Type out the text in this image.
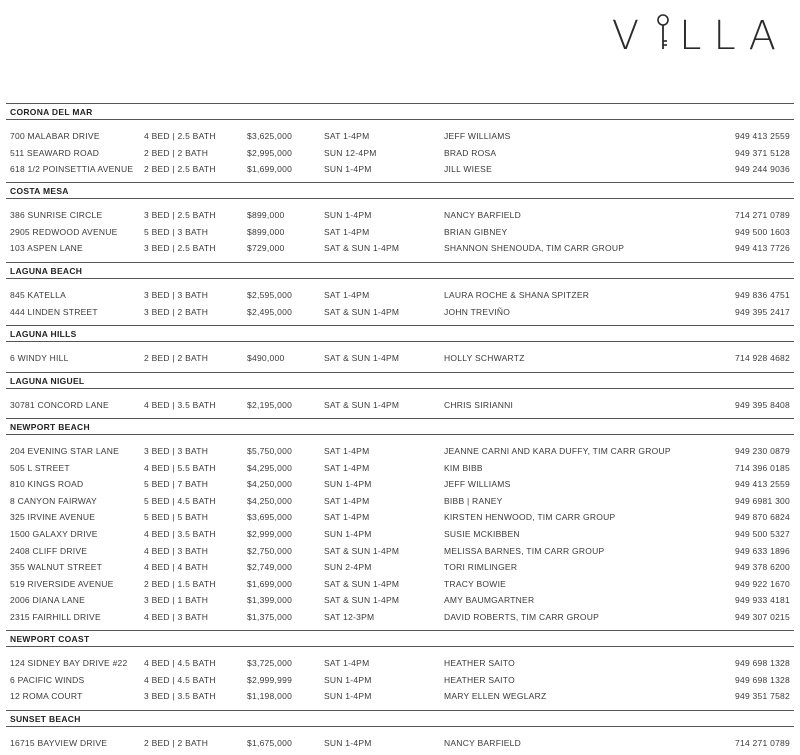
V LLA
CORONA DEL MAR
700 MALABAR DRIVE	4 BED | 2.5 BATH	$3,625,000	SAT 1-4PM	JEFF WILLIAMS	949 413 2559
511 SEAWARD ROAD	2 BED | 2 BATH	$2,995,000	SUN 12-4PM	BRAD ROSA	949 371 5128
618 1/2 POINSETTIA AVENUE 2 BED | 2.5 BATH	$1,699,000	SUN 1-4PM	JILL WIESE	949 244 9036
COSTA MESA
386 SUNRISE CIRCLE	3 BED | 2.5 BATH	$899,000	SUN 1-4PM	NANCY BARFIELD	714 271 0789
2905 REDWOOD AVENUE	5 BED | 3 BATH	$899,000	SAT 1-4PM	BRIAN GIBNEY	949 500 1603
103 ASPEN LANE	3 BED | 2.5 BATH	$729,000	SAT & SUN 1-4PM	SHANNON SHENOUDA, TIM CARR GROUP	949 413 7726
LAGUNA BEACH
845 KATELLA	3 BED | 3 BATH	$2,595,000	SAT 1-4PM	LAURA ROCHE & SHANA SPITZER	949 836 4751
444 LINDEN STREET	3 BED | 2 BATH	$2,495,000	SAT & SUN 1-4PM	JOHN TREVIÑO	949 395 2417
LAGUNA HILLS
6 WINDY HILL	2 BED | 2 BATH	$490,000	SAT & SUN 1-4PM	HOLLY SCHWARTZ	714 928 4682
LAGUNA NIGUEL
30781 CONCORD LANE	4 BED | 3.5 BATH	$2,195,000	SAT & SUN 1-4PM	CHRIS SIRIANNI	949 395 8408
NEWPORT BEACH
204 EVENING STAR LANE	3 BED | 3 BATH	$5,750,000	SAT 1-4PM	JEANNE CARNI AND KARA DUFFY, TIM CARR GROUP	949 230 0879
505 L STREET	4 BED | 5.5 BATH	$4,295,000	SAT 1-4PM	KIM BIBB	714 396 0185
810 KINGS ROAD	5 BED | 7 BATH	$4,250,000	SUN 1-4PM	JEFF WILLIAMS	949 413 2559
8 CANYON FAIRWAY	5 BED | 4.5 BATH	$4,250,000	SAT 1-4PM	BIBB | RANEY	949 6981 300
325 IRVINE AVENUE	5 BED | 5 BATH	$3,695,000	SAT 1-4PM	KIRSTEN HENWOOD, TIM CARR GROUP	949 870 6824
1500 GALAXY DRIVE	4 BED | 3.5 BATH	$2,999,000	SUN 1-4PM	SUSIE MCKIBBEN	949 500 5327
2408 CLIFF DRIVE	4 BED | 3 BATH	$2,750,000	SAT & SUN 1-4PM	MELISSA BARNES, TIM CARR GROUP	949 633 1896
355 WALNUT STREET	4 BED | 4 BATH	$2,749,000	SUN 2-4PM	TORI RIMLINGER	949 378 6200
519 RIVERSIDE AVENUE	2 BED | 1.5 BATH	$1,699,000	SAT & SUN 1-4PM	TRACY BOWIE	949 922 1670
2006 DIANA LANE	3 BED | 1 BATH	$1,399,000	SAT & SUN 1-4PM	AMY BAUMGARTNER	949 933 4181
2315 FAIRHILL DRIVE	4 BED | 3 BATH	$1,375,000	SAT 12-3PM	DAVID ROBERTS, TIM CARR GROUP	949 307 0215
NEWPORT COAST
124 SIDNEY BAY DRIVE #22 4 BED | 4.5 BATH	$3,725,000	SAT 1-4PM	HEATHER SAITO	949 698 1328
6 PACIFIC WINDS	4 BED | 4.5 BATH	$2,999,999	SUN 1-4PM	HEATHER SAITO	949 698 1328
12 ROMA COURT	3 BED | 3.5 BATH	$1,198,000	SUN 1-4PM	MARY ELLEN WEGLARZ	949 351 7582
SUNSET BEACH
16715 BAYVIEW DRIVE	2 BED | 2 BATH	$1,675,000	SUN 1-4PM	NANCY BARFIELD	714 271 0789
